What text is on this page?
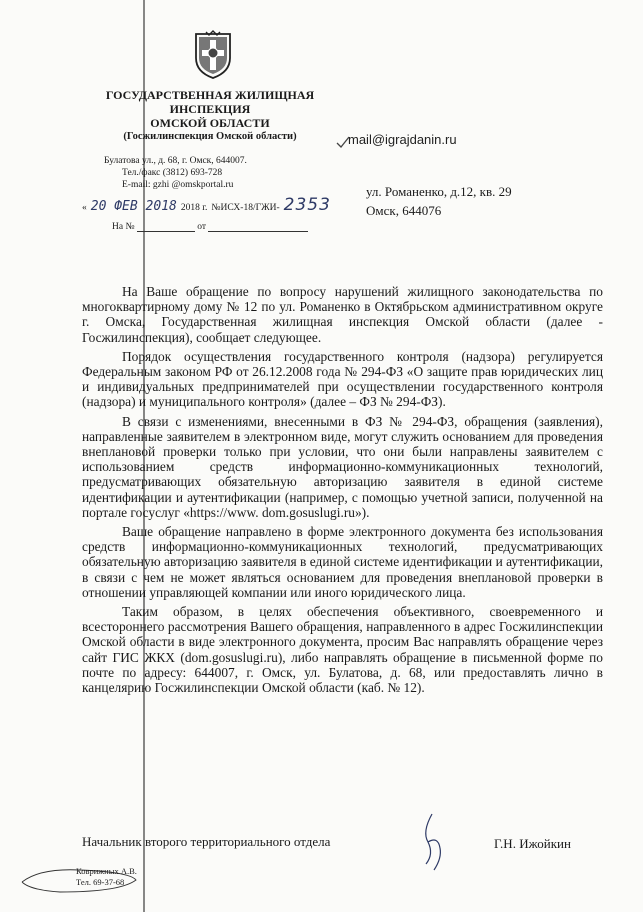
ГОСУДАРСТВЕННАЯ ЖИЛИЩНАЯ
ИНСПЕКЦИЯ
ОМСКОЙ ОБЛАСТИ
(Госжилинспекция Омской области)
Булатова ул., д. 68, г. Омск, 644007.
Тел./факс (3812) 693-728
E-mail: gzhi @omskportal.ru
« 20 ФЕВ 2018 2018 г. №ИСХ-18/ГЖИ- 2353
На №	от
mail@igrajdanin.ru
ул. Романенко, д.12, кв. 29
Омск, 644076

На Ваше обращение по вопросу нарушений жилищного законодательства по многоквартирному дому № 12 по ул. Романенко в Октябрьском административном округе г. Омска, Государственная жилищная инспекция Омской области (далее - Госжилинспекция), сообщает следующее.

Порядок осуществления государственного контроля (надзора) регулируется Федеральным законом РФ от 26.12.2008 года № 294-ФЗ «О защите прав юридических лиц и индивидуальных предпринимателей при осуществлении государственного контроля (надзора) и муниципального контроля» (далее – ФЗ № 294-ФЗ).

В связи с изменениями, внесенными в ФЗ № 294-ФЗ, обращения (заявления), направленные заявителем в электронном виде, могут служить основанием для проведения внеплановой проверки только при условии, что они были направлены заявителем с использованием средств информационно-коммуникационных технологий, предусматривающих обязательную авторизацию заявителя в единой системе идентификации и аутентификации (например, с помощью учетной записи, полученной на портале госуслуг «https://www. dom.gosuslugi.ru»).

Ваше обращение направлено в форме электронного документа без использования средств информационно-коммуникационных технологий, предусматривающих обязательную авторизацию заявителя в единой системе идентификации и аутентификации, в связи с чем не может являться основанием для проведения внеплановой проверки в отношении управляющей компании или иного юридического лица.

Таким образом, в целях обеспечения объективного, своевременного и всестороннего рассмотрения Вашего обращения, направленного в адрес Госжилинспекции Омской области в виде электронного документа, просим Вас направлять обращение через сайт ГИС ЖКХ (dom.gosuslugi.ru), либо направлять обращение в письменной форме по почте по адресу: 644007, г. Омск, ул. Булатова, д. 68, или предоставлять лично в канцелярию Госжилинспекции Омской области (каб. № 12).

Начальник второго территориального отдела	Г.Н. Ижойкин
Коврижных А.В.
Тел. 69-37-68
